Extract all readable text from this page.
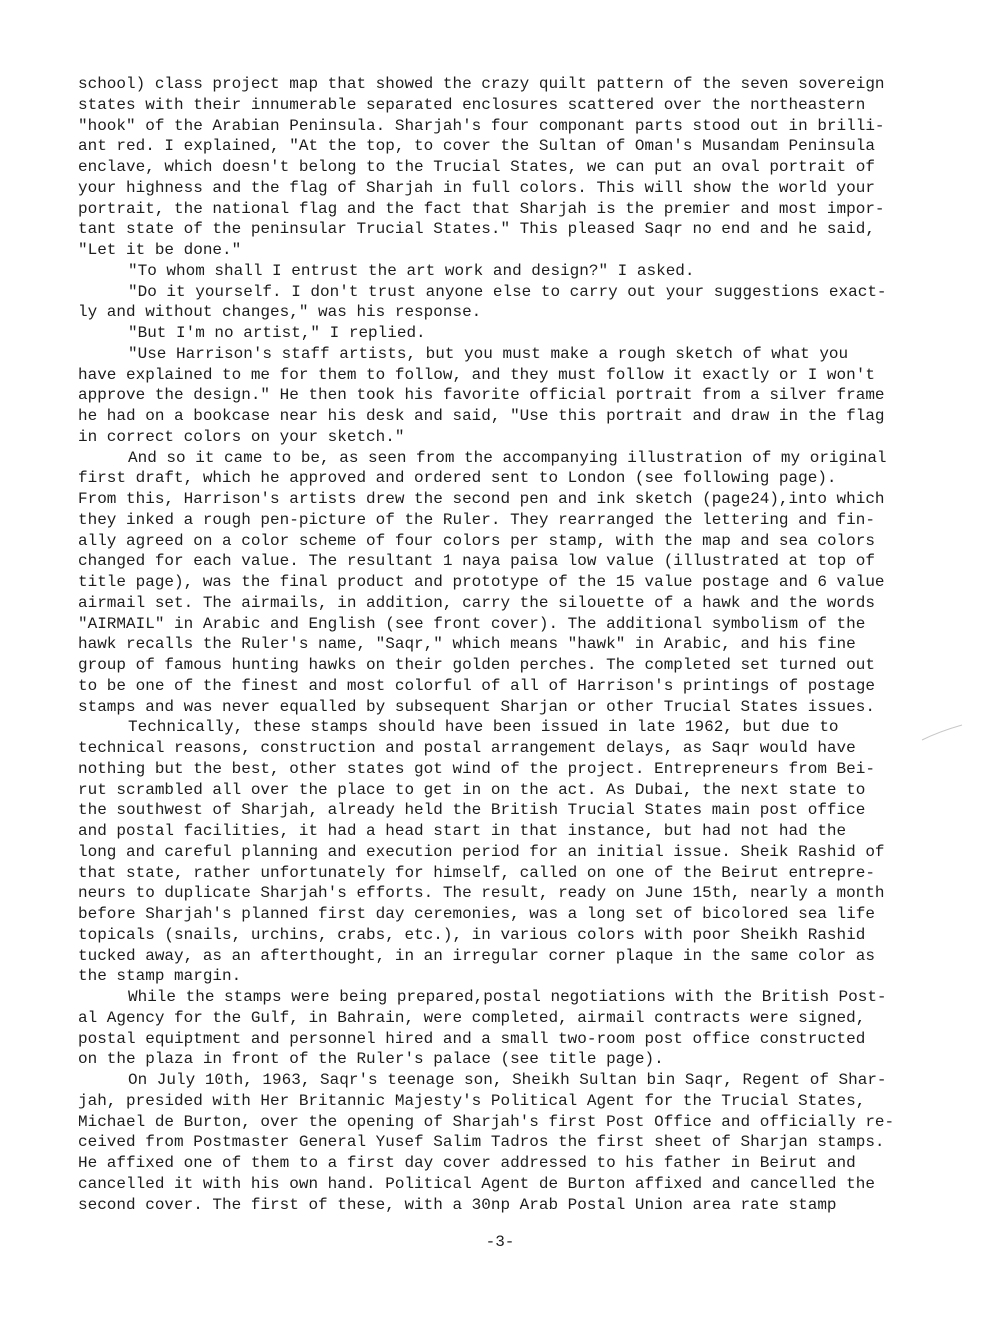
school) class project map that showed the crazy quilt pattern of the seven sovereign
states with their innumerable separated enclosures scattered over the northeastern
"hook" of the Arabian Peninsula. Sharjah's four componant parts stood out in brilli-
ant red. I explained, "At the top, to cover the Sultan of Oman's Musandam Peninsula
enclave, which doesn't belong to the Trucial States, we can put an oval portrait of
your highness and the flag of Sharjah in full colors. This will show the world your
portrait, the national flag and the fact that Sharjah is the premier and most impor-
tant state of the peninsular Trucial States." This pleased Saqr no end and he said,
"Let it be done."
"To whom shall I entrust the art work and design?" I asked.
"Do it yourself. I don't trust anyone else to carry out your suggestions exact-
ly and without changes," was his response.
"But I'm no artist," I replied.
"Use Harrison's staff artists, but you must make a rough sketch of what you
have explained to me for them to follow, and they must follow it exactly or I won't
approve the design." He then took his favorite official portrait from a silver frame
he had on a bookcase near his desk and said, "Use this portrait and draw in the flag
in correct colors on your sketch."
And so it came to be, as seen from the accompanying illustration of my original
first draft, which he approved and ordered sent to London (see following page).
From this, Harrison's artists drew the second pen and ink sketch (page24),into which
they inked a rough pen-picture of the Ruler. They rearranged the lettering and fin-
ally agreed on a color scheme of four colors per stamp, with the map and sea colors
changed for each value. The resultant 1 naya paisa low value (illustrated at top of
title page), was the final product and prototype of the 15 value postage and 6 value
airmail set. The airmails, in addition, carry the silouette of a hawk and the words
"AIRMAIL" in Arabic and English (see front cover). The additional symbolism of the
hawk recalls the Ruler's name, "Saqr," which means "hawk" in Arabic, and his fine
group of famous hunting hawks on their golden perches. The completed set turned out
to be one of the finest and most colorful of all of Harrison's printings of postage
stamps and was never equalled by subsequent Sharjan or other Trucial States issues.
Technically, these stamps should have been issued in late 1962, but due to
technical reasons, construction and postal arrangement delays, as Saqr would have
nothing but the best, other states got wind of the project. Entrepreneurs from Bei-
rut scrambled all over the place to get in on the act. As Dubai, the next state to
the southwest of Sharjah, already held the British Trucial States main post office
and postal facilities, it had a head start in that instance, but had not had the
long and careful planning and execution period for an initial issue. Sheik Rashid of
that state, rather unfortunately for himself, called on one of the Beirut entrepre-
neurs to duplicate Sharjah's efforts. The result, ready on June 15th, nearly a month
before Sharjah's planned first day ceremonies, was a long set of bicolored sea life
topicals (snails, urchins, crabs, etc.), in various colors with poor Sheikh Rashid
tucked away, as an afterthought, in an irregular corner plaque in the same color as
the stamp margin.
While the stamps were being prepared,postal negotiations with the British Post-
al Agency for the Gulf, in Bahrain, were completed, airmail contracts were signed,
postal equiptment and personnel hired and a small two-room post office constructed
on the plaza in front of the Ruler's palace (see title page).
On July 10th, 1963, Saqr's teenage son, Sheikh Sultan bin Saqr, Regent of Shar-
jah, presided with Her Britannic Majesty's Political Agent for the Trucial States,
Michael de Burton, over the opening of Sharjah's first Post Office and officially re-
ceived from Postmaster General Yusef Salim Tadros the first sheet of Sharjan stamps.
He affixed one of them to a first day cover addressed to his father in Beirut and
cancelled it with his own hand. Political Agent de Burton affixed and cancelled the
second cover. The first of these, with a 30np Arab Postal Union area rate stamp
-3-
